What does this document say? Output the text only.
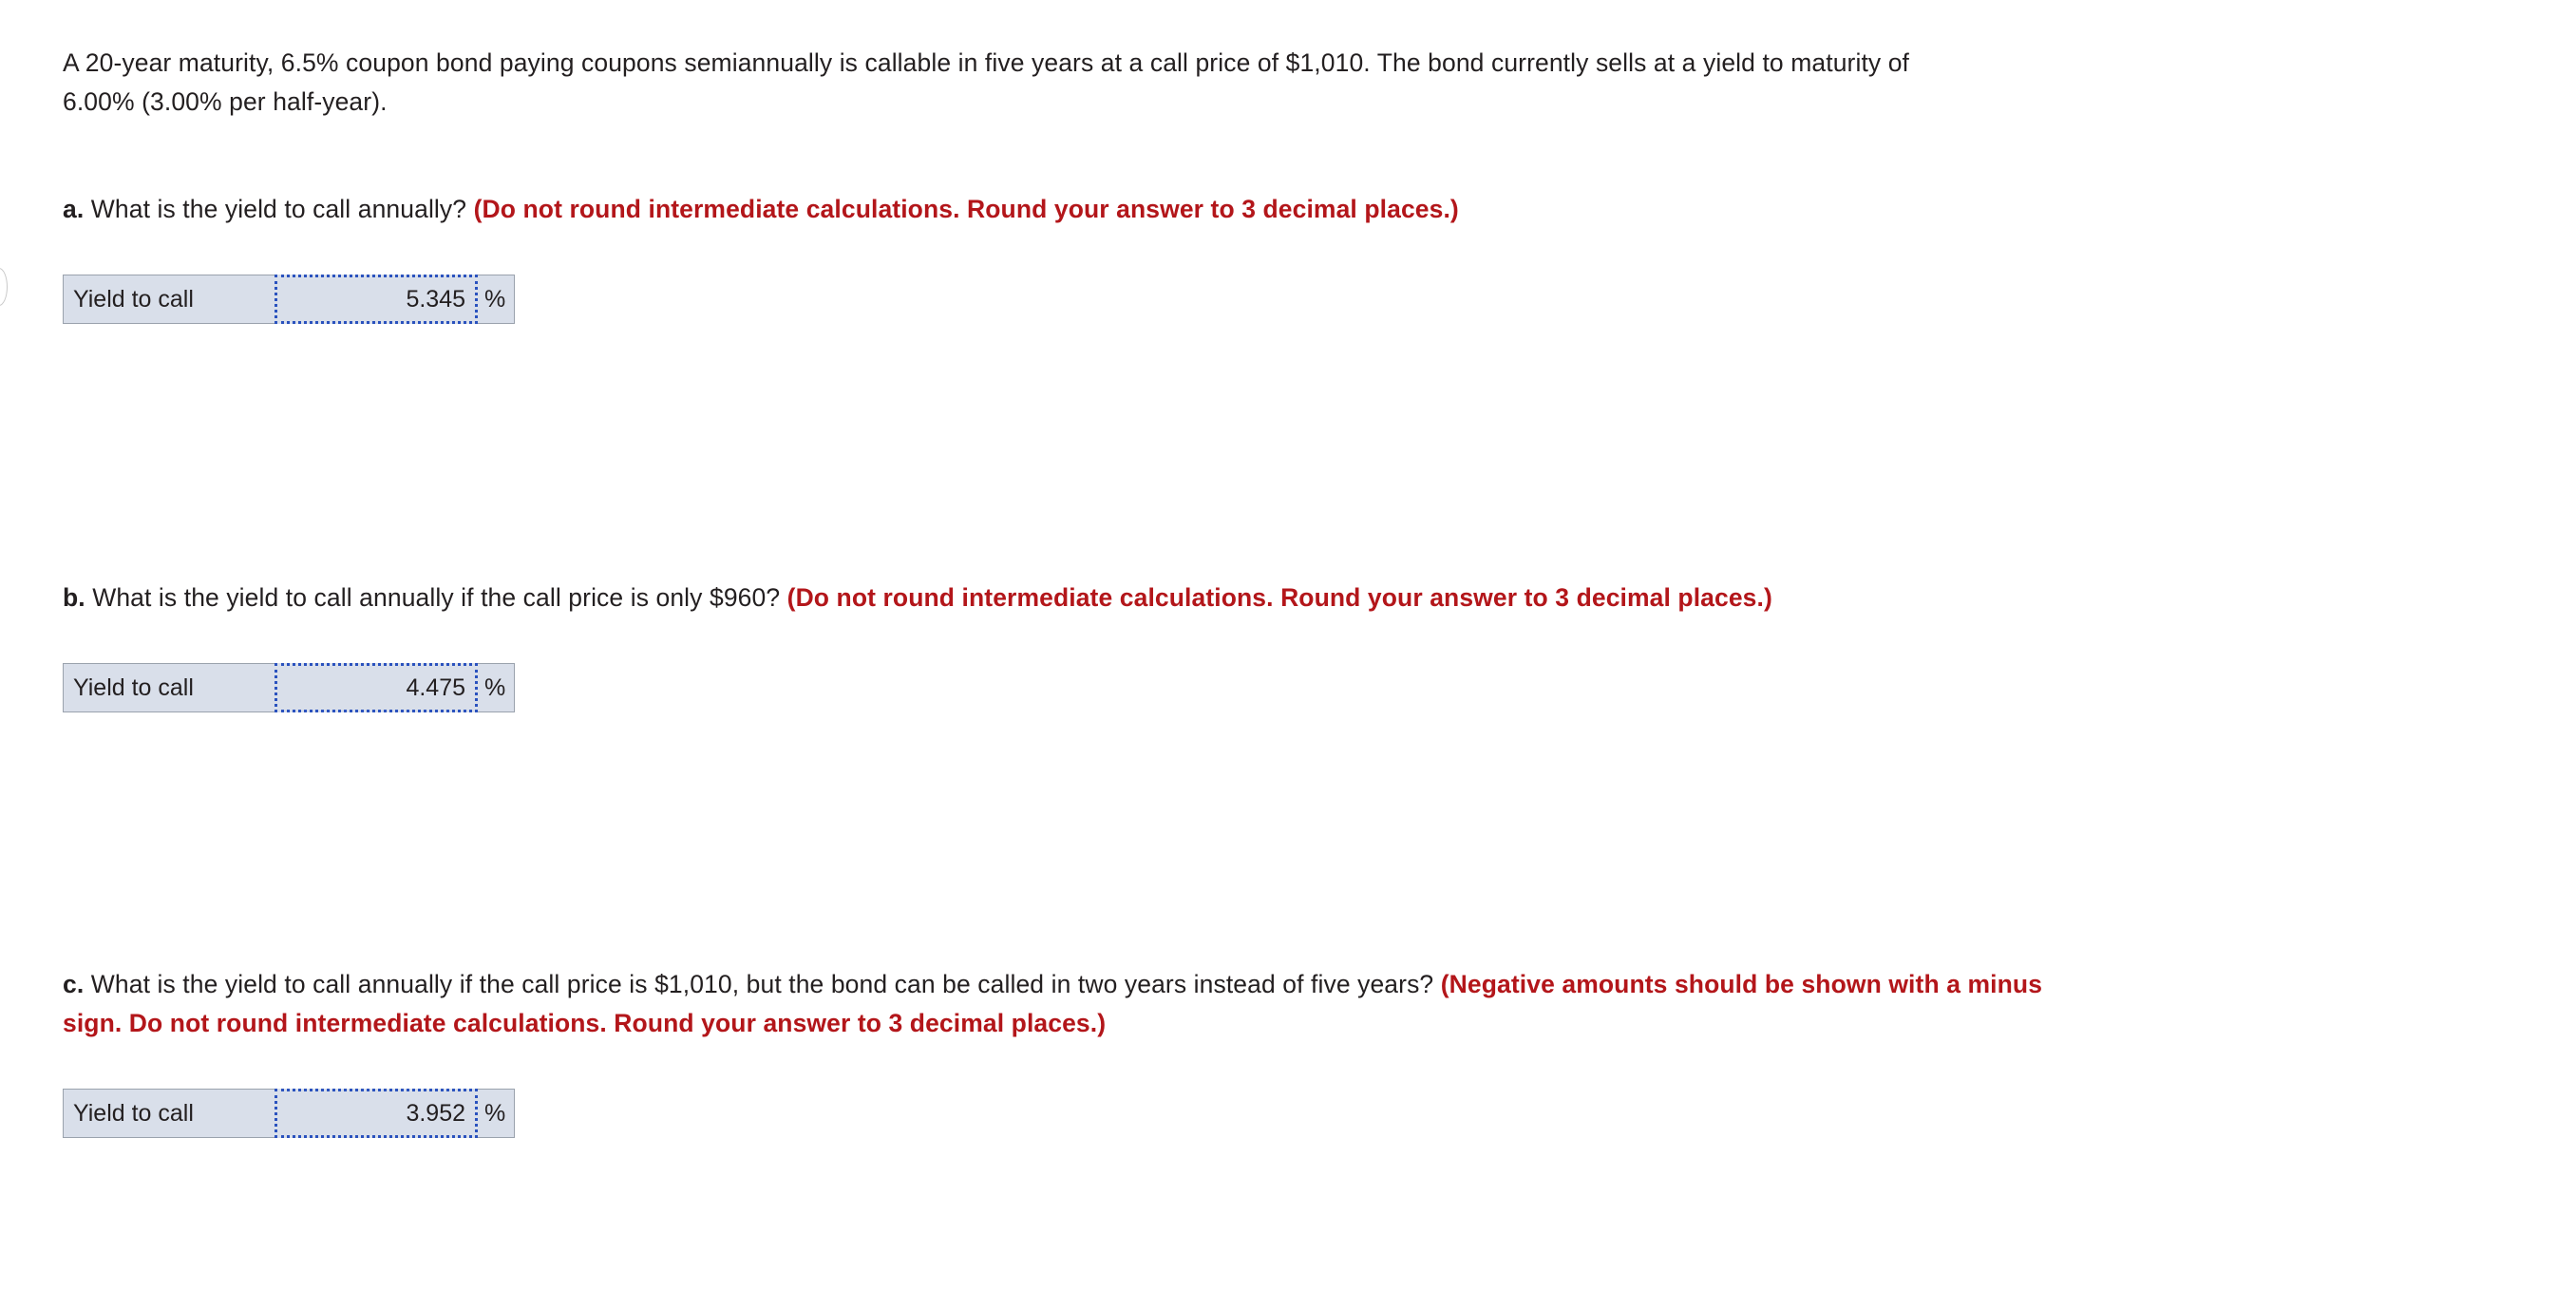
A 20-year maturity, 6.5% coupon bond paying coupons semiannually is callable in five years at a call price of $1,010. The bond currently sells at a yield to maturity of 6.00% (3.00% per half-year).
a. What is the yield to call annually? (Do not round intermediate calculations. Round your answer to 3 decimal places.)
Yield to call	5.345 %
b. What is the yield to call annually if the call price is only $960? (Do not round intermediate calculations. Round your answer to 3 decimal places.)
Yield to call	4.475 %
c. What is the yield to call annually if the call price is $1,010, but the bond can be called in two years instead of five years? (Negative amounts should be shown with a minus sign. Do not round intermediate calculations. Round your answer to 3 decimal places.)
Yield to call	3.952 %
